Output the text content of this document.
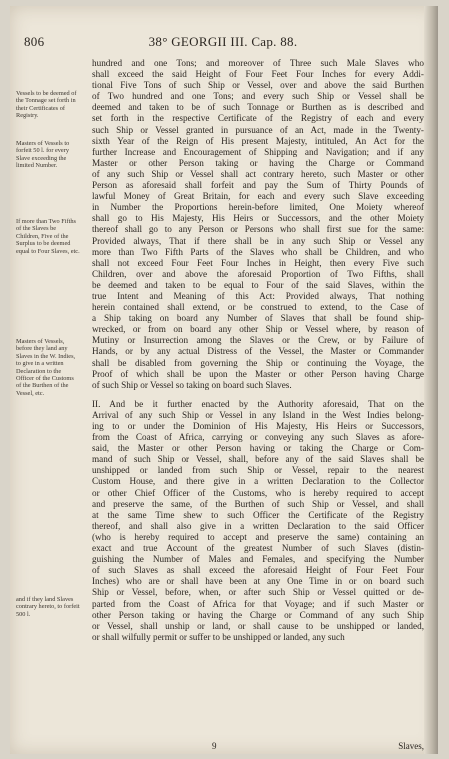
806	38° GEORGII III. Cap. 88.
Vessels to be deemed of the Tonnage set forth in their Certificates of Registry.
Masters of Vessels to forfeit 50 l. for every Slave exceeding the limited Number.
If more than Two Fifths of the Slaves be Children, Five of the Surplus to be deemed equal to Four Slaves, etc.
Masters of Vessels, before they land any Slaves in the W. Indies, to give in a written Declaration to the Officer of the Customs of the Burthen of the Vessel, etc.
and if they land Slaves contrary hereto, to forfeit 500 l.
hundred and one Tons; and moreover of Three such Male Slaves who
shall exceed the said Height of Four Feet Four Inches for every Addi-
tional Five Tons of such Ship or Vessel, over and above the said Burthen
of Two hundred and one Tons; and every such Ship or Vessel shall be
deemed and taken to be of such Tonnage or Burthen as is described and
set forth in the respective Certificate of the Registry of each and every
such Ship or Vessel granted in pursuance of an Act, made in the Twenty-
sixth Year of the Reign of His present Majesty, intituled, An Act for the
further Increase and Encouragement of Shipping and Navigation; and if any
Master or other Person taking or having the Charge or Command
of any such Ship or Vessel shall act contrary hereto, such Master or other
Person as aforesaid shall forfeit and pay the Sum of Thirty Pounds of
lawful Money of Great Britain, for each and every such Slave exceeding
in Number the Proportions herein-before limited, One Moiety whereof
shall go to His Majesty, His Heirs or Successors, and the other Moiety
thereof shall go to any Person or Persons who shall first sue for the same:
Provided always, That if there shall be in any such Ship or Vessel any
more than Two Fifth Parts of the Slaves who shall be Children, and who
shall not exceed Four Feet Four Inches in Height, then every Five such
Children, over and above the aforesaid Proportion of Two Fifths, shall
be deemed and taken to be equal to Four of the said Slaves, within the
true Intent and Meaning of this Act: Provided always, That nothing
herein contained shall extend, or be construed to extend, to the Case of
a Ship taking on board any Number of Slaves that shall be found ship-
wrecked, or from on board any other Ship or Vessel where, by reason of
Mutiny or Insurrection among the Slaves or the Crew, or by Failure of
Hands, or by any actual Distress of the Vessel, the Master or Commander
shall be disabled from governing the Ship or continuing the Voyage, the
Proof of which shall be upon the Master or other Person having Charge
of such Ship or Vessel so taking on board such Slaves.
II. And be it further enacted by the Authority aforesaid, That on the
Arrival of any such Ship or Vessel in any Island in the West Indies belong-
ing to or under the Dominion of His Majesty, His Heirs or Successors,
from the Coast of Africa, carrying or conveying any such Slaves as afore-
said, the Master or other Person having or taking the Charge or Com-
mand of such Ship or Vessel, shall, before any of the said Slaves shall be
unshipped or landed from such Ship or Vessel, repair to the nearest
Custom House, and there give in a written Declaration to the Collector
or other Chief Officer of the Customs, who is hereby required to accept
and preserve the same, of the Burthen of such Ship or Vessel, and shall
at the same Time shew to such Officer the Certificate of the Registry
thereof, and shall also give in a written Declaration to the said Officer
(who is hereby required to accept and preserve the same) containing an
exact and true Account of the greatest Number of such Slaves (distin-
guishing the Number of Males and Females, and specifying the Number
of such Slaves as shall exceed the aforesaid Height of Four Feet Four
Inches) who are or shall have been at any One Time in or on board such
Ship or Vessel, before, when, or after such Ship or Vessel quitted or de-
parted from the Coast of Africa for that Voyage; and if such Master or
other Person taking or having the Charge or Command of any such Ship
or Vessel, shall unship or land, or shall cause to be unshipped or landed,
or shall wilfully permit or suffer to be unshipped or landed, any such
9	Slaves,
